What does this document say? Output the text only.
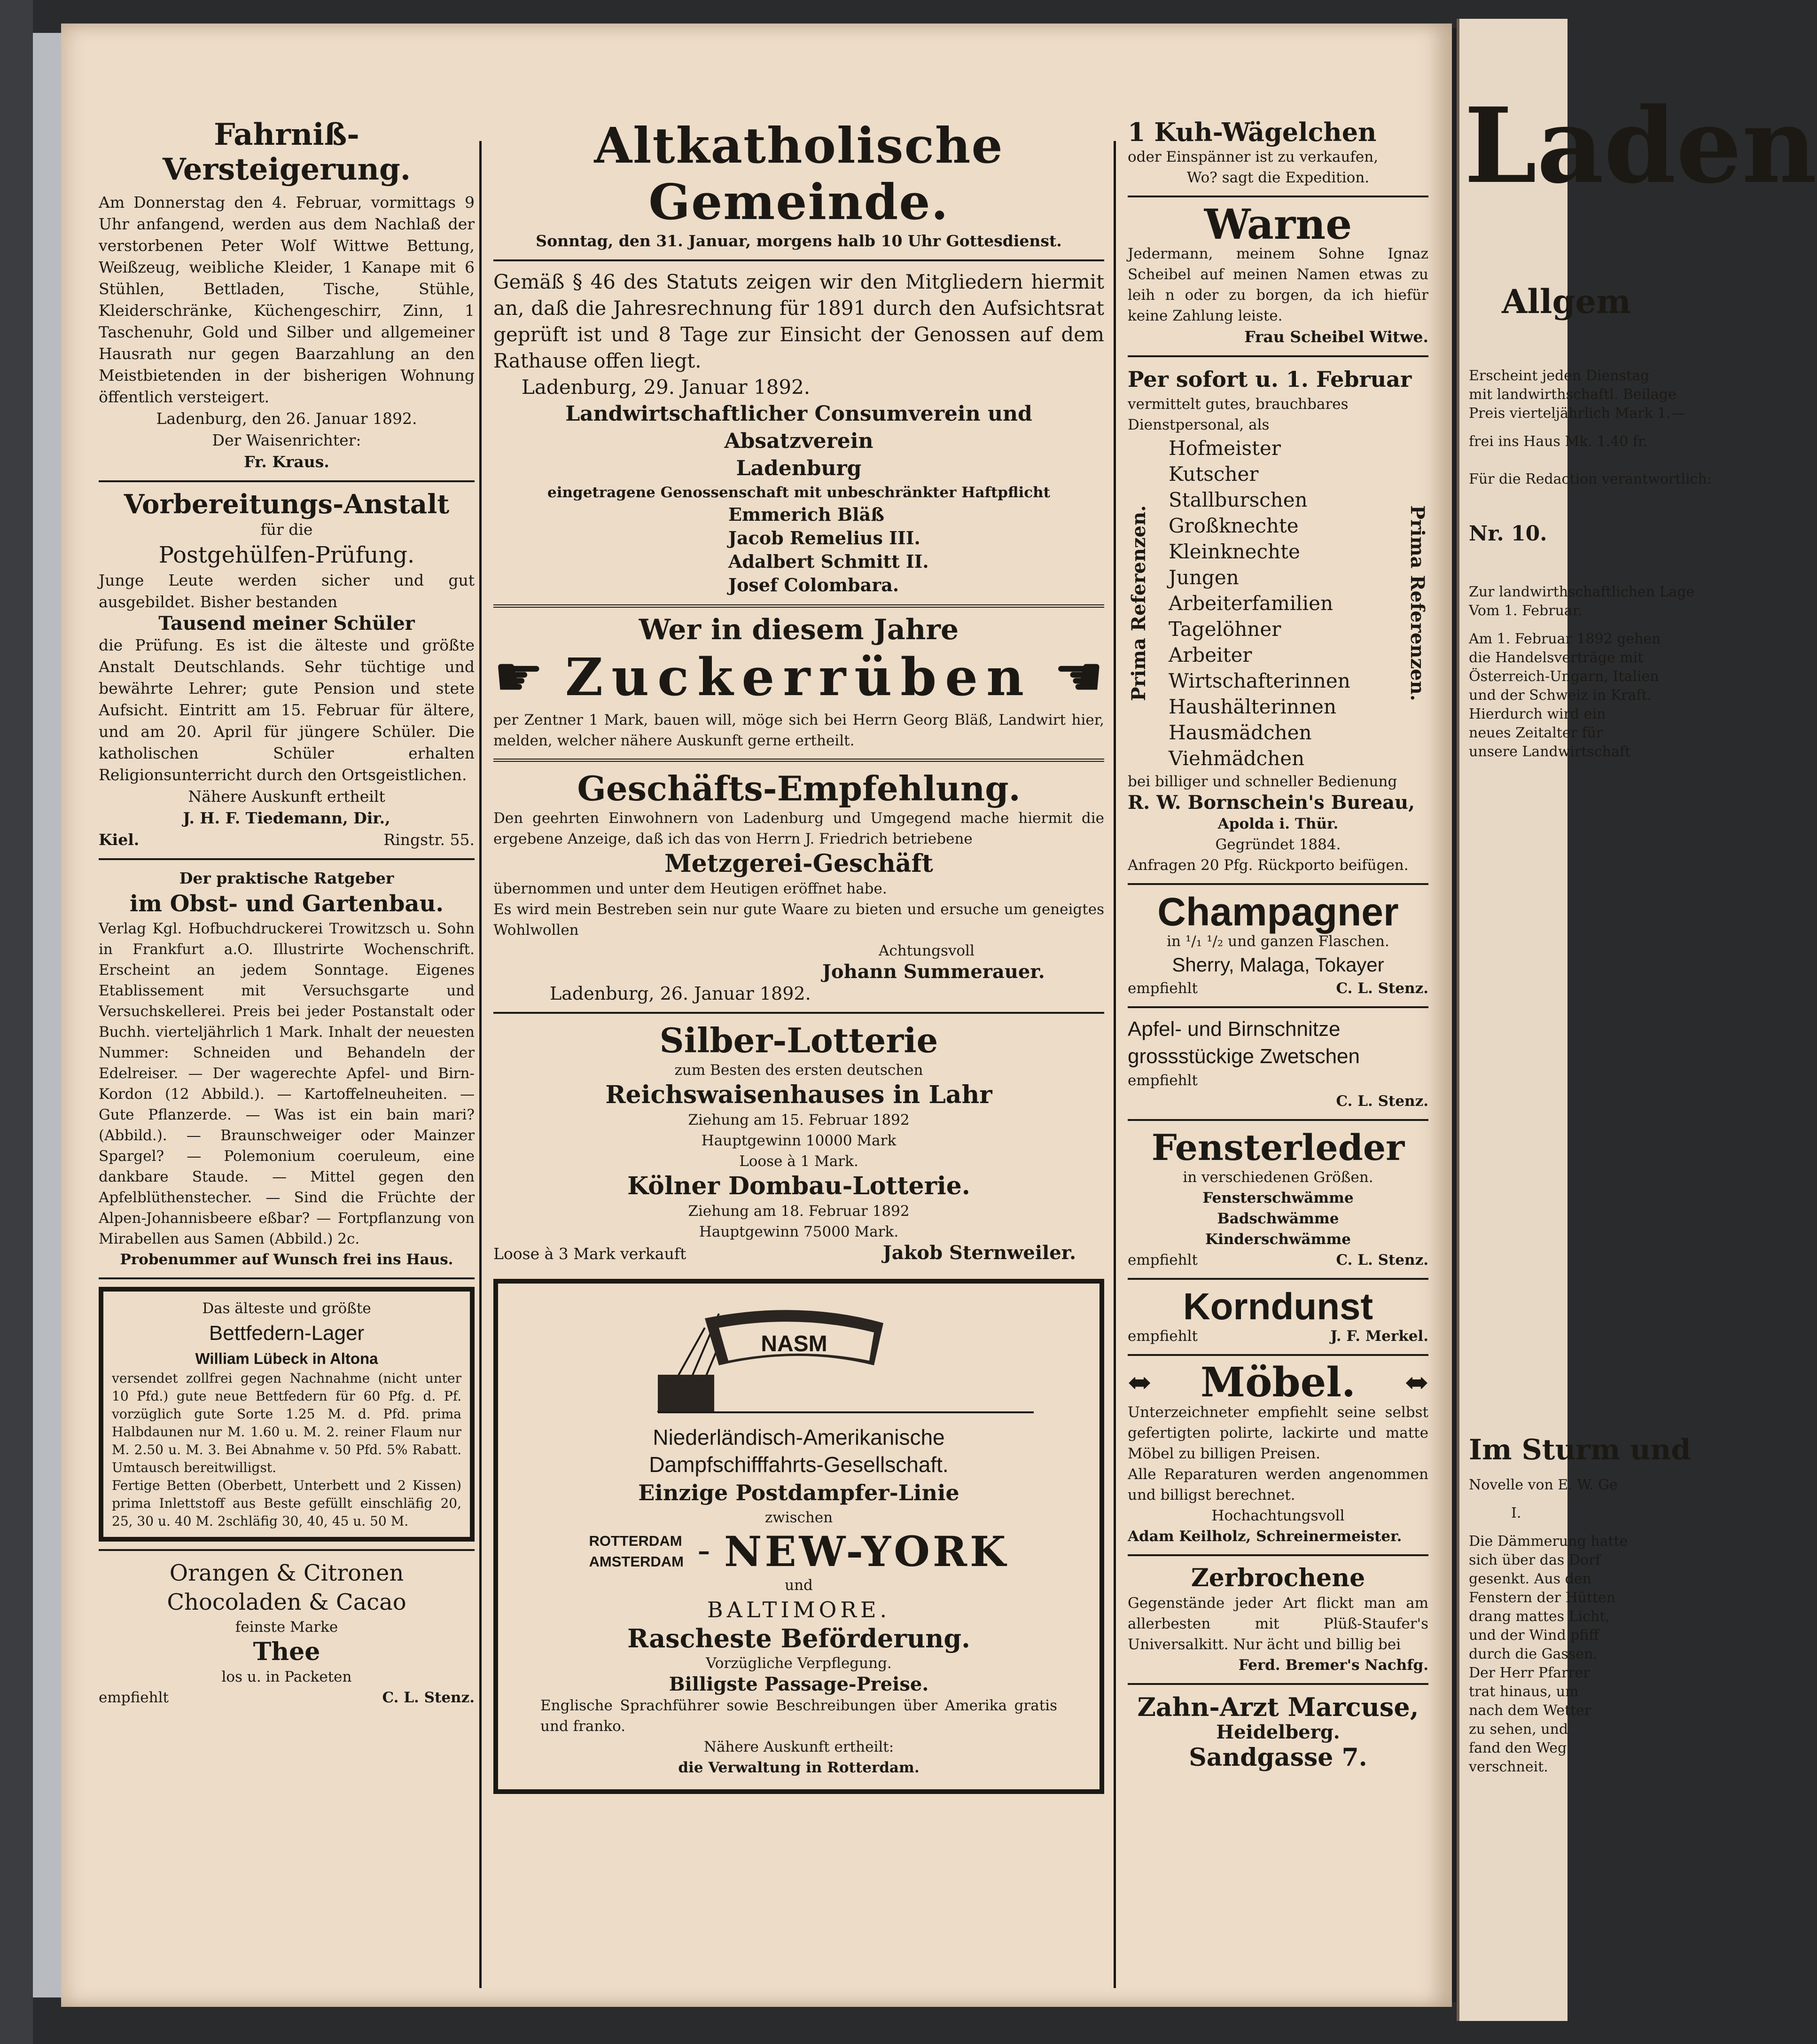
Fahrniß-Versteigerung.
Am Donnerstag den 4. Februar, vormittags 9 Uhr anfangend, werden aus dem Nachlaß der verstorbenen Peter Wolf Wittwe Bettung, Weißzeug, weibliche Kleider, 1 Kanape mit 6 Stühlen, Bettladen, Tische, Stühle, Kleiderschränke, Küchengeschirr, Zinn, 1 Taschenuhr, Gold und Silber und allgemeiner Hausrath nur gegen Baarzahlung an den Meistbietenden in der bisherigen Wohnung öffentlich versteigert.
Ladenburg, den 26. Januar 1892.
Der Waisenrichter:
Fr. Kraus.
Vorbereitungs-Anstalt
für die
Postgehülfen-Prüfung.
Junge Leute werden sicher und gut ausgebildet. Bisher bestanden
Tausend meiner Schüler
die Prüfung. Es ist die älteste und größte Anstalt Deutschlands. Sehr tüchtige und bewährte Lehrer; gute Pension und stete Aufsicht. Eintritt am 15. Februar für ältere, und am 20. April für jüngere Schüler. Die katholischen Schüler erhalten Religionsunterricht durch den Ortsgeistlichen.
Nähere Auskunft ertheilt
J. H. F. Tiedemann, Dir.,
Kiel.	Ringstr. 55.
Der praktische Ratgeber
im Obst- und Gartenbau.
Verlag Kgl. Hofbuchdruckerei Trowitzsch u. Sohn in Frankfurt a.O. Illustrirte Wochenschrift. Erscheint an jedem Sonntage. Eigenes Etablissement mit Versuchsgarte und Versuchskellerei. Preis bei jeder Postanstalt oder Buchh. vierteljährlich 1 Mark. Inhalt der neuesten Nummer: Schneiden und Behandeln der Edelreiser. — Der wagerechte Apfel- und Birn-Kordon (12 Abbild.). — Kartoffelneuheiten. — Gute Pflanzerde. — Was ist ein bain mari? (Abbild.). — Braunschweiger oder Mainzer Spargel? — Polemonium coeruleum, eine dankbare Staude. — Mittel gegen den Apfelblüthenstecher. — Sind die Früchte der Alpen-Johannisbeere eßbar? — Fortpflanzung von Mirabellen aus Samen (Abbild.) 2c.
Probenummer auf Wunsch frei ins Haus.
Das älteste und größte
Bettfedern-Lager
William Lübeck in Altona
versendet zollfrei gegen Nachnahme (nicht unter 10 Pfd.) gute neue Bettfedern für 60 Pfg. d. Pf. vorzüglich gute Sorte 1.25 M. d. Pfd. prima Halbdaunen nur M. 1.60 u. M. 2. reiner Flaum nur M. 2.50 u. M. 3. Bei Abnahme v. 50 Pfd. 5% Rabatt. Umtausch bereitwilligst.
Fertige Betten (Oberbett, Unterbett und 2 Kissen) prima Inlettstoff aus Beste gefüllt einschläfig 20, 25, 30 u. 40 M. 2schläfig 30, 40, 45 u. 50 M.
Orangen & Citronen
Chocoladen & Cacao
feinste Marke
Thee
los u. in Packeten
empfiehlt	C. L. Stenz.
Altkatholische Gemeinde.
Sonntag, den 31. Januar, morgens halb 10 Uhr Gottesdienst.
Gemäß § 46 des Statuts zeigen wir den Mitgliedern hiermit an, daß die Jahresrechnung für 1891 durch den Aufsichtsrat geprüft ist und 8 Tage zur Einsicht der Genossen auf dem Rathause offen liegt.
Ladenburg, 29. Januar 1892.
Landwirtschaftlicher Consumverein und Absatzverein
Ladenburg
eingetragene Genossenschaft mit unbeschränkter Haftpflicht
Emmerich Bläß
Jacob Remelius III.
Adalbert Schmitt II.
Josef Colombara.
Wer in diesem Jahre
☛ Zuckerrüben ☛
per Zentner 1 Mark, bauen will, möge sich bei Herrn Georg Bläß, Landwirt hier, melden, welcher nähere Auskunft gerne ertheilt.
Geschäfts-Empfehlung.
Den geehrten Einwohnern von Ladenburg und Umgegend mache hiermit die ergebene Anzeige, daß ich das von Herrn J. Friedrich betriebene
Metzgerei-Geschäft
übernommen und unter dem Heutigen eröffnet habe.
Es wird mein Bestreben sein nur gute Waare zu bieten und ersuche um geneigtes Wohlwollen
Achtungsvoll
Johann Summerauer.
Ladenburg, 26. Januar 1892.
Silber-Lotterie
zum Besten des ersten deutschen
Reichswaisenhauses in Lahr
Ziehung am 15. Februar 1892
Hauptgewinn 10000 Mark
Loose à 1 Mark.
Kölner Dombau-Lotterie.
Ziehung am 18. Februar 1892
Hauptgewinn 75000 Mark.
Loose à 3 Mark verkauft	Jakob Sternweiler.
NASM
Niederländisch-Amerikanische
Dampfschifffahrts-Gesellschaft.
Einzige Postdampfer-Linie
zwischen
ROTTERDAM
AMSTERDAM – NEW-YORK
und
BALTIMORE.
Rascheste Beförderung.
Vorzügliche Verpflegung.
Billigste Passage-Preise.
Englische Sprachführer sowie Beschreibungen über Amerika gratis und franko.
Nähere Auskunft ertheilt:
die Verwaltung in Rotterdam.
1 Kuh-Wägelchen
oder Einspänner ist zu verkaufen,
Wo? sagt die Expedition.
Warne
Jedermann, meinem Sohne Ignaz Scheibel auf meinen Namen etwas zu leih n oder zu borgen, da ich hiefür keine Zahlung leiste.
Frau Scheibel Witwe.
Per sofort u. 1. Februar
vermittelt gutes, brauchbares Dienstpersonal, als
Prima Referenzen.
Hofmeister
Kutscher
Stallburschen
Großknechte
Kleinknechte
Jungen
Arbeiterfamilien
Tagelöhner
Arbeiter
Wirtschafterinnen
Haushälterinnen
Hausmädchen
Viehmädchen
Prima Referenzen.
bei billiger und schneller Bedienung
R. W. Bornschein's Bureau,
Apolda i. Thür.
Gegründet 1884.
Anfragen 20 Pfg. Rückporto beifügen.
Champagner
in ¹/₁ ¹/₂ und ganzen Flaschen.
Sherry, Malaga, Tokayer
empfiehlt	C. L. Stenz.
Apfel- und Birnschnitze
grossstückige Zwetschen
empfiehlt
C. L. Stenz.
Fensterleder
in verschiedenen Größen.
Fensterschwämme
Badschwämme
Kinderschwämme
empfiehlt	C. L. Stenz.
Korndunst
empfiehlt	J. F. Merkel.
⬌ Möbel. ⬌
Unterzeichneter empfiehlt seine selbst gefertigten polirte, lackirte und matte Möbel zu billigen Preisen.
Alle Reparaturen werden angenommen und billigst berechnet.
Hochachtungsvoll
Adam Keilholz, Schreinermeister.
Zerbrochene
Gegenstände jeder Art flickt man am allerbesten mit Plüß-Staufer's Universalkitt. Nur ächt und billig bei
Ferd. Bremer's Nachfg.
Zahn-Arzt Marcuse,
Heidelberg.
Sandgasse 7.
Laden
Allgem
Erscheint jeden Dienstag
mit landwirthschaftl. Beilage
Preis vierteljährlich Mark 1.—
frei ins Haus Mk. 1.40 fr.
Für die Redaction verantwortlich:
Nr. 10.
Zur landwirthschaftlichen Lage
Vom 1. Februar.
Am 1. Februar 1892 gehen
die Handelsverträge mit
Österreich-Ungarn, Italien
und der Schweiz in Kraft.
Hierdurch wird ein
neues Zeitalter für
unsere Landwirtschaft
Im Sturm und
Novelle von E. W. Ge
I.
Die Dämmerung hatte
sich über das Dorf
gesenkt. Aus den
Fenstern der Hütten
drang mattes Licht,
und der Wind pfiff
durch die Gassen.
Der Herr Pfarrer
trat hinaus, um
nach dem Wetter
zu sehen, und
fand den Weg
verschneit.
